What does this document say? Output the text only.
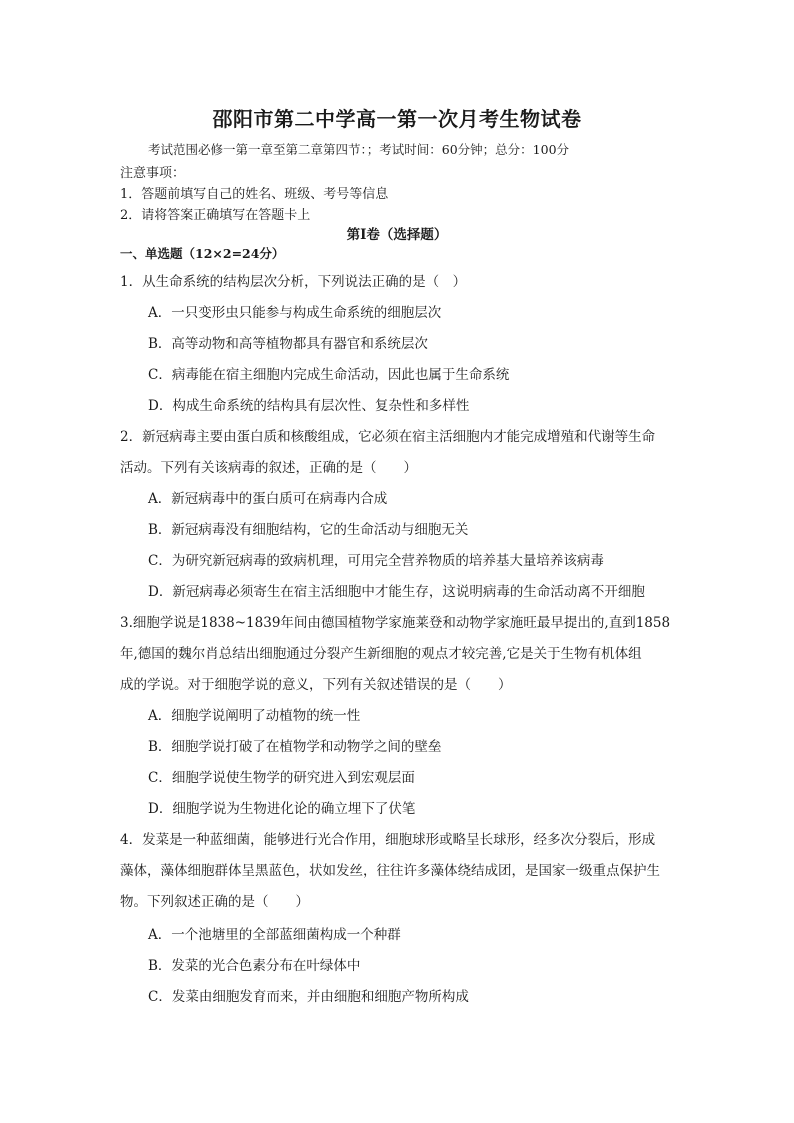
邵阳市第二中学高一第一次月考生物试卷
考试范围必修一第一章至第二章第四节：；考试时间：60分钟；总分：100分
注意事项：
1．答题前填写自己的姓名、班级、考号等信息
2．请将答案正确填写在答题卡上
第I卷（选择题）
一、单选题（12×2=24分）
1．从生命系统的结构层次分析，下列说法正确的是（　）
A．一只变形虫只能参与构成生命系统的细胞层次
B．高等动物和高等植物都具有器官和系统层次
C．病毒能在宿主细胞内完成生命活动，因此也属于生命系统
D．构成生命系统的结构具有层次性、复杂性和多样性
2．新冠病毒主要由蛋白质和核酸组成，它必须在宿主活细胞内才能完成增殖和代谢等生命
活动。下列有关该病毒的叙述，正确的是（　　）
A．新冠病毒中的蛋白质可在病毒内合成
B．新冠病毒没有细胞结构，它的生命活动与细胞无关
C．为研究新冠病毒的致病机理，可用完全营养物质的培养基大量培养该病毒
D．新冠病毒必须寄生在宿主活细胞中才能生存，这说明病毒的生命活动离不开细胞
3.细胞学说是1838~1839年间由德国植物学家施莱登和动物学家施旺最早提出的,直到1858
年,德国的魏尔肖总结出细胞通过分裂产生新细胞的观点才较完善,它是关于生物有机体组
成的学说。对于细胞学说的意义，下列有关叙述错误的是（　　）
A．细胞学说阐明了动植物的统一性
B．细胞学说打破了在植物学和动物学之间的壁垒
C．细胞学说使生物学的研究进入到宏观层面
D．细胞学说为生物进化论的确立埋下了伏笔
4．发菜是一种蓝细菌，能够进行光合作用，细胞球形或略呈长球形，经多次分裂后，形成
藻体，藻体细胞群体呈黑蓝色，状如发丝，往往许多藻体绕结成团，是国家一级重点保护生
物。下列叙述正确的是（　　）
A．一个池塘里的全部蓝细菌构成一个种群
B．发菜的光合色素分布在叶绿体中
C．发菜由细胞发育而来，并由细胞和细胞产物所构成
